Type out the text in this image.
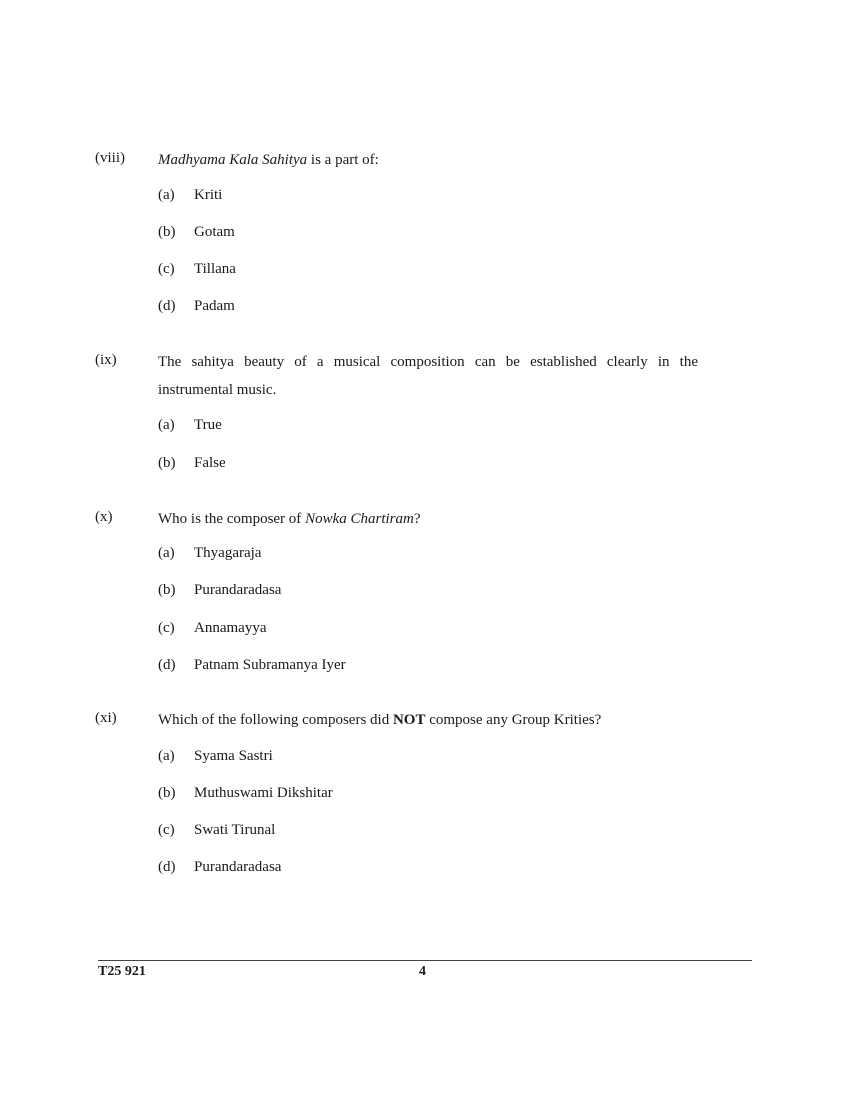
(viii) Madhyama Kala Sahitya is a part of:
(a) Kriti
(b) Gotam
(c) Tillana
(d) Padam
(ix)	The sahitya beauty of a musical composition can be established clearly in the instrumental music.
(a) True
(b) False
(x)	Who is the composer of Nowka Chartiram?
(a) Thyagaraja
(b) Purandaradasa
(c) Annamayya
(d) Patnam Subramanya Iyer
(xi)	Which of the following composers did NOT compose any Group Krities?
(a) Syama Sastri
(b) Muthuswami Dikshitar
(c) Swati Tirunal
(d) Purandaradasa
T25 921	4
